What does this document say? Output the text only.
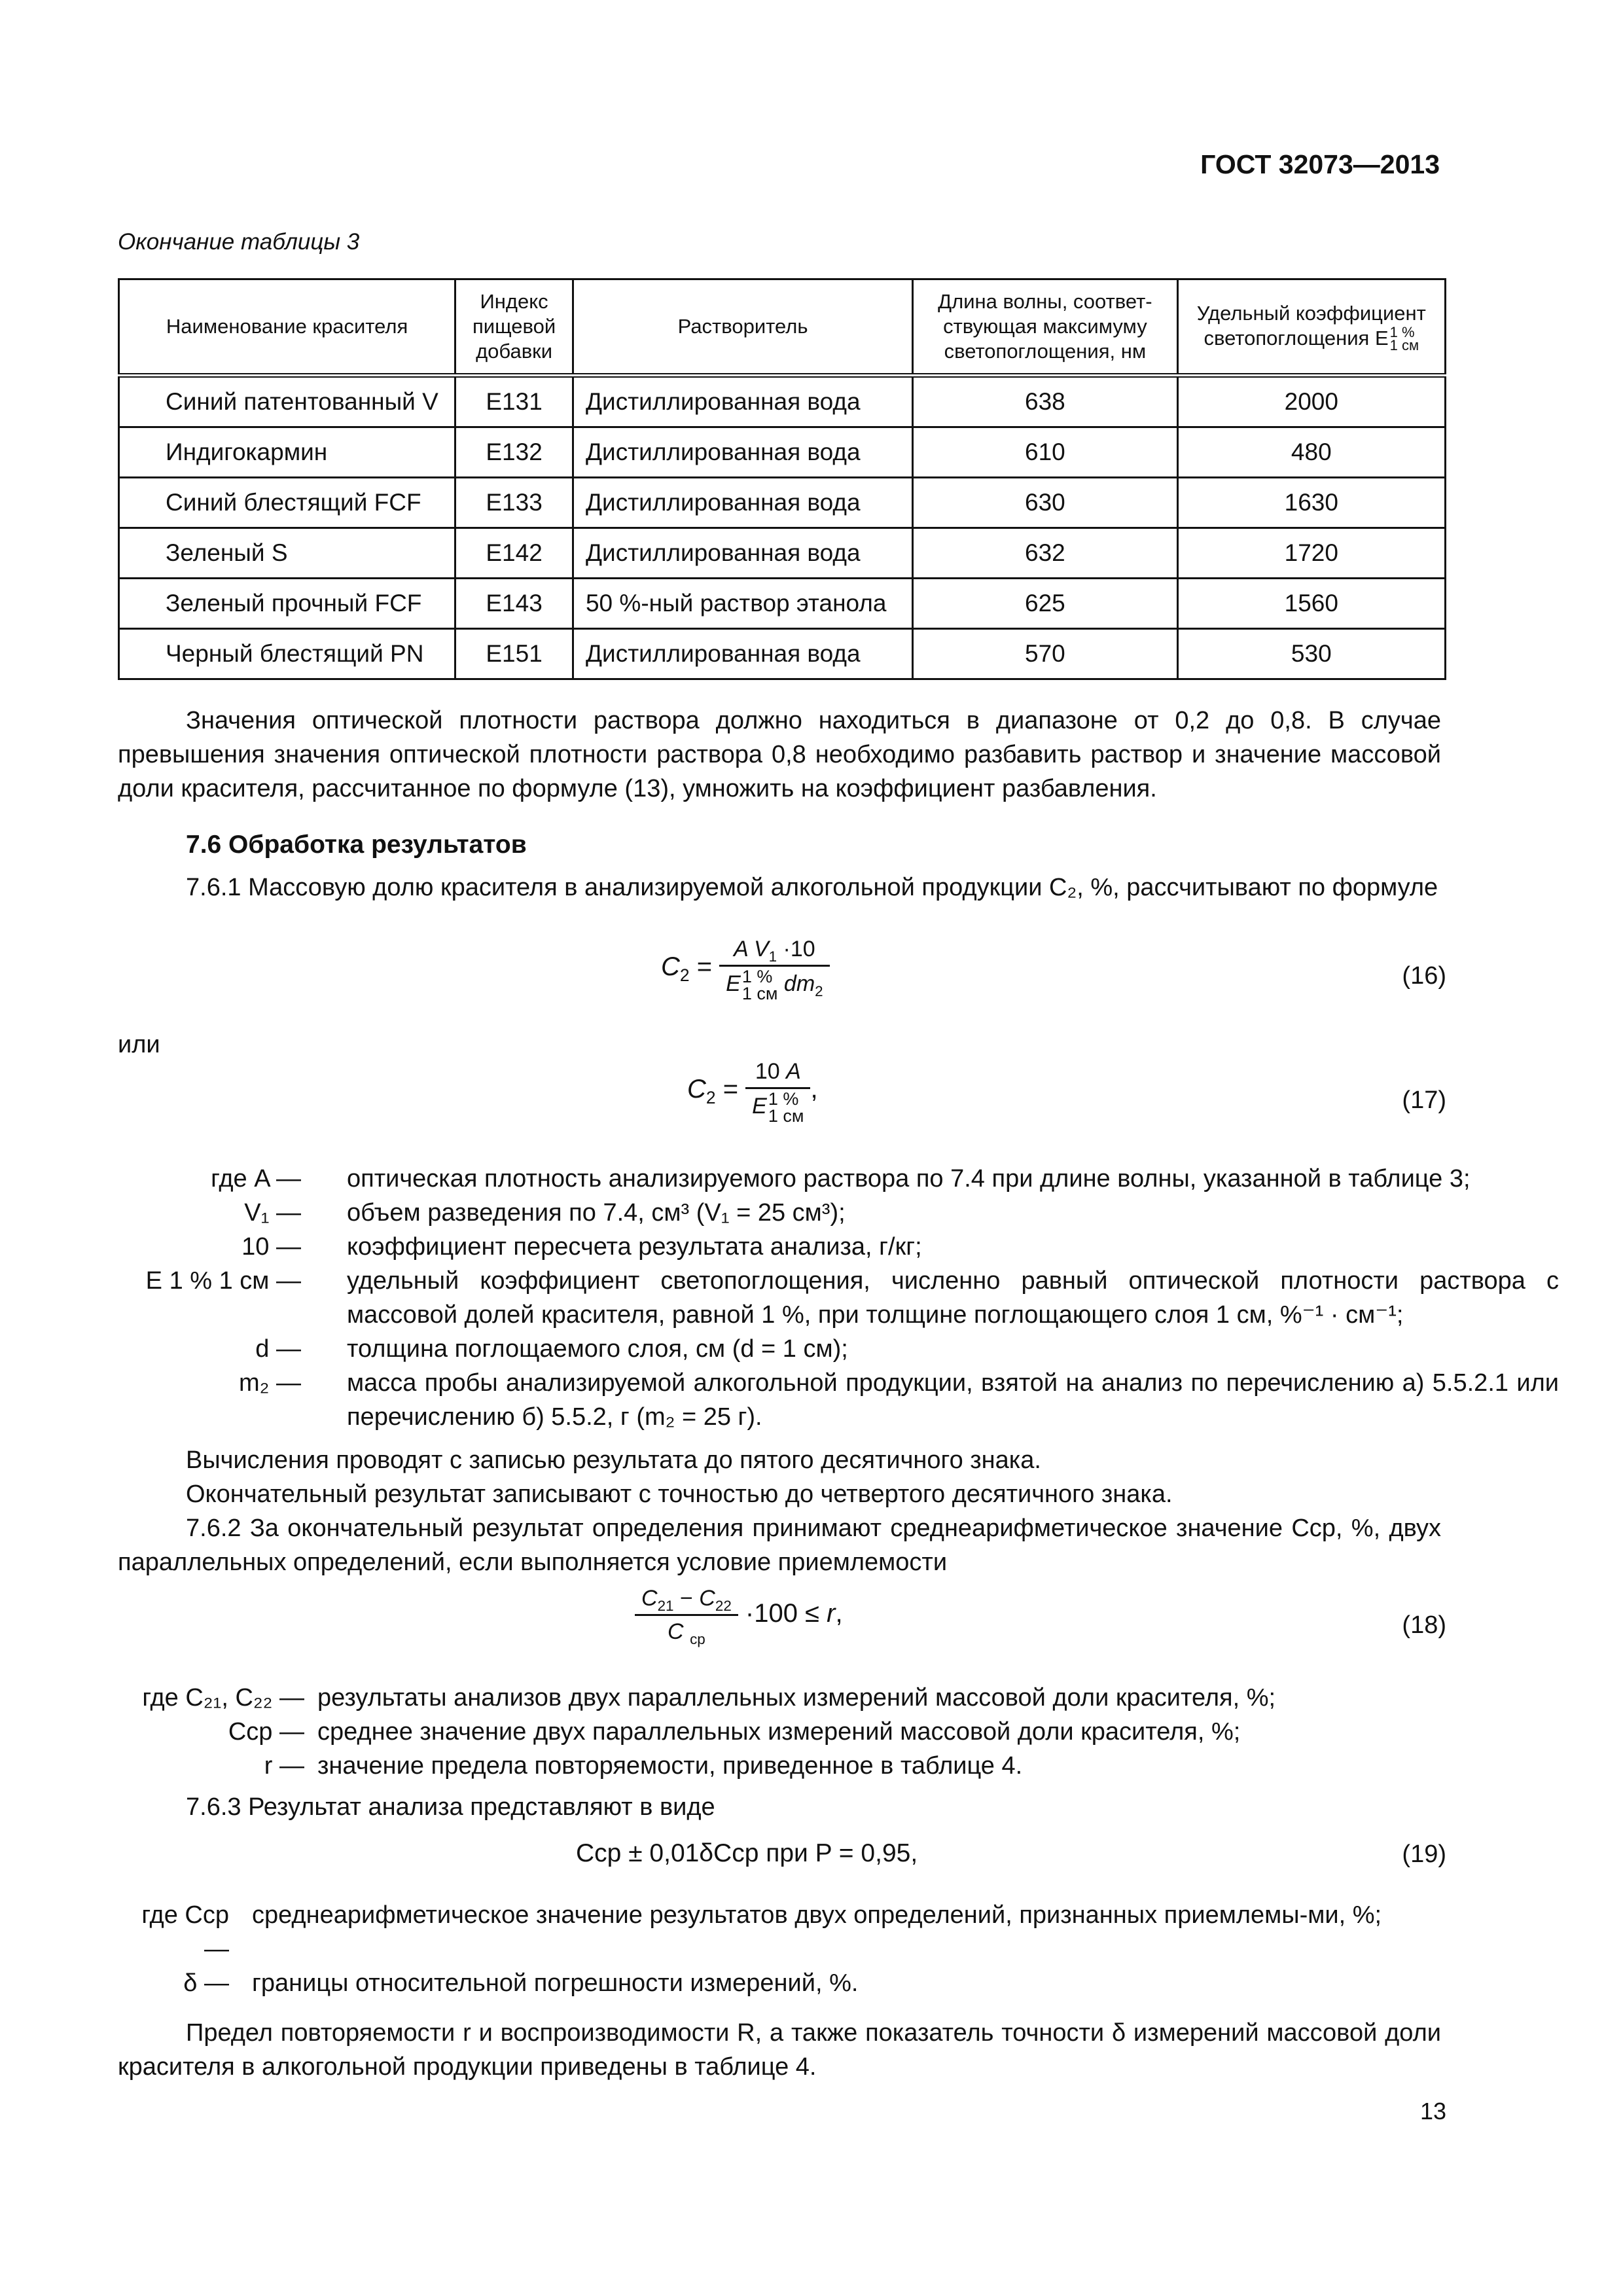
ГОСТ 32073—2013
Окончание таблицы 3
Наименование красителя	Индекс пищевой добавки	Растворитель	Длина волны, соответ-ствующая максимуму светопоглощения, нм	Удельный коэффициент светопоглощения E1 %
1 см
Синий патентованный V	E131	Дистиллированная вода	638	2000
Индигокармин	E132	Дистиллированная вода	610	480
Синий блестящий FCF	E133	Дистиллированная вода	630	1630
Зеленый S	E142	Дистиллированная вода	632	1720
Зеленый прочный FCF	E143	50 %-ный раствор этанола	625	1560
Черный блестящий PN	E151	Дистиллированная вода	570	530
Значения оптической плотности раствора должно находиться в диапазоне от 0,2 до 0,8. В случае превышения значения оптической плотности раствора 0,8 необходимо разбавить раствор и значение массовой доли красителя, рассчитанное по формуле (13), умножить на коэффициент разбавления.
7.6 Обработка результатов
7.6.1 Массовую долю красителя в анализируемой алкогольной продукции C₂, %, рассчитывают по формуле
$C_2$ =
A $V_1 \cdot 10$
E1 %
1 см $dm_2$
(16)
или
$C_2$ =
10 A
E1 %
1 см
,	(17)
где A — оптическая плотность анализируемого раствора по 7.4 при длине волны, указанной в таблице 3;
V₁ — объем разведения по 7.4, см³ (V₁ = 25 см³);
10 — коэффициент пересчета результата анализа, г/кг;
E 1 % 1 см — удельный коэффициент светопоглощения, численно равный оптической плотности раствора с массовой долей красителя, равной 1 %, при толщине поглощающего слоя 1 см, %⁻¹ · см⁻¹;
d — толщина поглощаемого слоя, см (d = 1 см);
m₂ — масса пробы анализируемой алкогольной продукции, взятой на анализ по перечислению а) 5.5.2.1 или перечислению б) 5.5.2, г (m₂ = 25 г).
Вычисления проводят с записью результата до пятого десятичного знака.
Окончательный результат записывают с точностью до четвертого десятичного знака.
7.6.2 За окончательный результат определения принимают среднеарифметическое значение Cср, %, двух параллельных определений, если выполняется условие приемлемости
$\frac{C_{21} - C_{22}}{C _{ср}} \cdot 100 \le r$,	(18)
где C₂₁, C₂₂ — результаты анализов двух параллельных измерений массовой доли красителя, %;
Cср — среднее значение двух параллельных измерений массовой доли красителя, %;
r — значение предела повторяемости, приведенное в таблице 4.
7.6.3 Результат анализа представляют в виде
Cср ± 0,01δCср при P = 0,95,	(19)
где Cср —
среднеарифметическое значение результатов двух определений, признанных приемлемы-ми, %;
δ — границы относительной погрешности измерений, %.
Предел повторяемости r и воспроизводимости R, а также показатель точности δ измерений массовой доли красителя в алкогольной продукции приведены в таблице 4.
13
